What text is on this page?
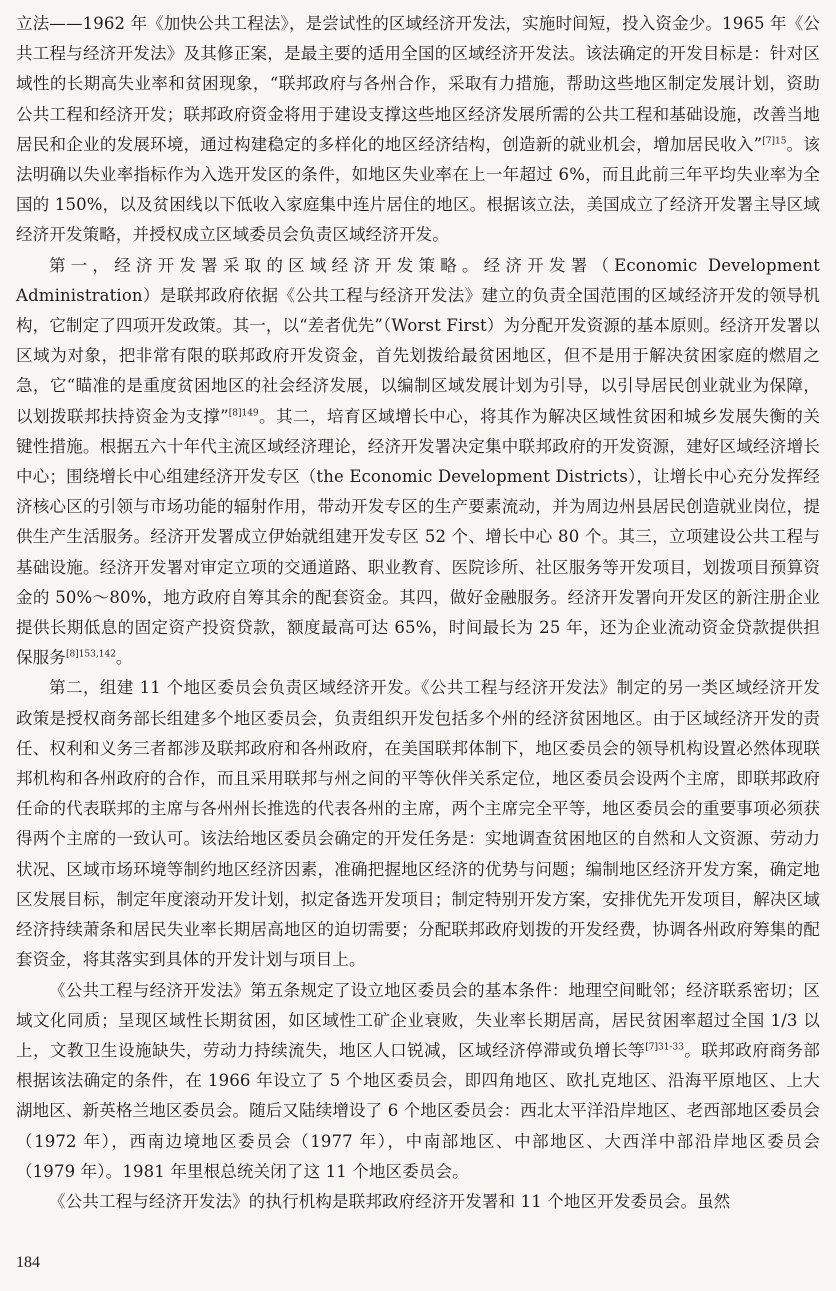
立法——1962 年《加快公共工程法》，是尝试性的区域经济开发法，实施时间短，投入资金少。1965 年《公共工程与经济开发法》及其修正案，是最主要的适用全国的区域经济开发法。该法确定的开发目标是：针对区域性的长期高失业率和贫困现象，“联邦政府与各州合作，采取有力措施，帮助这些地区制定发展计划，资助公共工程和经济开发；联邦政府资金将用于建设支撑这些地区经济发展所需的公共工程和基础设施，改善当地居民和企业的发展环境，通过构建稳定的多样化的地区经济结构，创造新的就业机会，增加居民收入”$^{[7]15}$。该法明确以失业率指标作为入选开发区的条件，如地区失业率在上一年超过 6%，而且此前三年平均失业率为全国的 150%，以及贫困线以下低收入家庭集中连片居住的地区。根据该立法，美国成立了经济开发署主导区域经济开发策略，并授权成立区域委员会负责区域经济开发。

第一，经济开发署采取的区域经济开发策略。经济开发署（Economic Development Administration）是联邦政府依据《公共工程与经济开发法》建立的负责全国范围的区域经济开发的领导机构，它制定了四项开发政策。其一，以“差者优先”（Worst First）为分配开发资源的基本原则。经济开发署以区域为对象，把非常有限的联邦政府开发资金，首先划拨给最贫困地区，但不是用于解决贫困家庭的燃眉之急，它“瞄准的是重度贫困地区的社会经济发展，以编制区域发展计划为引导，以引导居民创业就业为保障，以划拨联邦扶持资金为支撑”$^{[8]149}$。其二，培育区域增长中心，将其作为解决区域性贫困和城乡发展失衡的关键性措施。根据五六十年代主流区域经济理论，经济开发署决定集中联邦政府的开发资源，建好区域经济增长中心；围绕增长中心组建经济开发专区（the Economic Development Districts），让增长中心充分发挥经济核心区的引领与市场功能的辐射作用，带动开发专区的生产要素流动，并为周边州县居民创造就业岗位，提供生产生活服务。经济开发署成立伊始就组建开发专区 52 个、增长中心 80 个。其三，立项建设公共工程与基础设施。经济开发署对审定立项的交通道路、职业教育、医院诊所、社区服务等开发项目，划拨项目预算资金的 50%～80%，地方政府自筹其余的配套资金。其四，做好金融服务。经济开发署向开发区的新注册企业提供长期低息的固定资产投资贷款，额度最高可达 65%，时间最长为 25 年，还为企业流动资金贷款提供担保服务$^{[8]153,142}$。

第二，组建 11 个地区委员会负责区域经济开发。《公共工程与经济开发法》制定的另一类区域经济开发政策是授权商务部长组建多个地区委员会，负责组织开发包括多个州的经济贫困地区。由于区域经济开发的责任、权利和义务三者都涉及联邦政府和各州政府，在美国联邦体制下，地区委员会的领导机构设置必然体现联邦机构和各州政府的合作，而且采用联邦与州之间的平等伙伴关系定位，地区委员会设两个主席，即联邦政府任命的代表联邦的主席与各州州长推选的代表各州的主席，两个主席完全平等，地区委员会的重要事项必须获得两个主席的一致认可。该法给地区委员会确定的开发任务是：实地调查贫困地区的自然和人文资源、劳动力状况、区域市场环境等制约地区经济因素，准确把握地区经济的优势与问题；编制地区经济开发方案，确定地区发展目标，制定年度滚动开发计划，拟定备选开发项目；制定特别开发方案，安排优先开发项目，解决区域经济持续萧条和居民失业率长期居高地区的迫切需要；分配联邦政府划拨的开发经费，协调各州政府筹集的配套资金，将其落实到具体的开发计划与项目上。

《公共工程与经济开发法》第五条规定了设立地区委员会的基本条件：地理空间毗邻；经济联系密切；区域文化同质；呈现区域性长期贫困，如区域性工矿企业衰败，失业率长期居高，居民贫困率超过全国 1/3 以上，文教卫生设施缺失，劳动力持续流失，地区人口锐减，区域经济停滞或负增长等$^{[7]31-33}$。联邦政府商务部根据该法确定的条件，在 1966 年设立了 5 个地区委员会，即四角地区、欧扎克地区、沿海平原地区、上大湖地区、新英格兰地区委员会。随后又陆续增设了 6 个地区委员会：西北太平洋沿岸地区、老西部地区委员会（1972 年），西南边境地区委员会（1977 年），中南部地区、中部地区、大西洋中部沿岸地区委员会（1979 年）。1981 年里根总统关闭了这 11 个地区委员会。

《公共工程与经济开发法》的执行机构是联邦政府经济开发署和 11 个地区开发委员会。虽然

184
